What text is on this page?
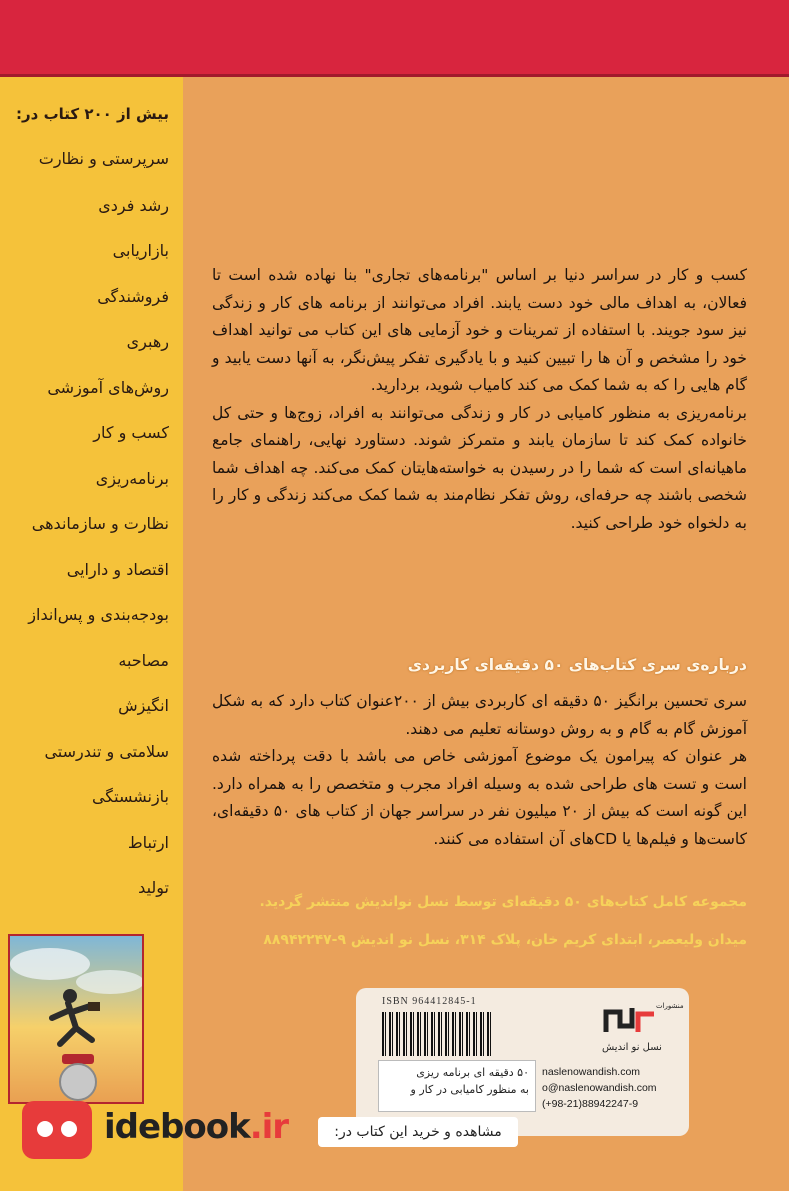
بیش از ۲۰۰ کتاب در:
سرپرستی و نظارت
رشد فردی
بازاریابی
فروشندگی
رهبری
روش‌های آموزشی
کسب و کار
برنامه‌ریزی
نظارت و سازماندهی
اقتصاد و دارایی
بودجه‌بندی و پس‌انداز
مصاحبه
انگیزش
سلامتی و تندرستی
بازنشستگی
ارتباط
تولید
کسب و کار در سراسر دنیا بر اساس "برنامه‌های تجاری" بنا نهاده شده است تا فعالان، به اهداف مالی خود دست یابند. افراد می‌توانند از برنامه های کار و زندگی نیز سود جویند. با استفاده از تمرینات و خود آزمایی های این کتاب می توانید اهداف خود را مشخص و آن ها را تبیین کنید و با یادگیری تفکر پیش‌نگر، به آنها دست یابید و گام هایی را که به شما کمک می کند کامیاب شوید، بردارید.
برنامه‌ریزی به منظور کامیابی در کار و زندگی می‌توانند به افراد، زوج‌ها و حتی کل خانواده کمک کند تا سازمان یابند و متمرکز شوند. دستاورد نهایی، راهنمای جامع ماهیانه‌ای است که شما را در رسیدن به خواسته‌هایتان کمک می‌کند. چه اهداف شما شخصی باشند چه حرفه‌ای، روش تفکر نظام‌مند به شما کمک می‌کند زندگی و کار را به دلخواه خود طراحی کنید.
درباره‌ی سری کتاب‌های ۵۰ دقیقه‌ای کاربردی
سری تحسین برانگیز ۵۰ دقیقه ای کاربردی بیش از ۲۰۰عنوان کتاب دارد که به شکل آموزش گام به گام و به روش دوستانه تعلیم می دهند.
هر عنوان که پیرامون یک موضوع آموزشی خاص می باشد با دقت پرداخته شده است و تست های طراحی شده به وسیله افراد مجرب و متخصص را به همراه دارد. این گونه است که بیش از ۲۰ میلیون نفر در سراسر جهان از کتاب های ۵۰ دقیقه‌ای، کاست‌ها و فیلم‌ها یا CDهای آن استفاده می کنند.
مجموعه کامل کتاب‌های ۵۰ دقیقه‌ای توسط نسل نواندیش منتشر گردید.
میدان ولیعصر، ابتدای کریم خان، پلاک ۳۱۴، نسل نو اندیش ۹-۸۸۹۴۲۲۴۷
ISBN 964412845-1
۵۰ دقیقه ای برنامه ریزی
به منظور کامیابی در کار و
منشورات
نسل نو اندیش
naslenowandish.com
o@naslenowandish.com
(+98-21)88942247-9
idebook.ir	مشاهده و خرید این کتاب در:
